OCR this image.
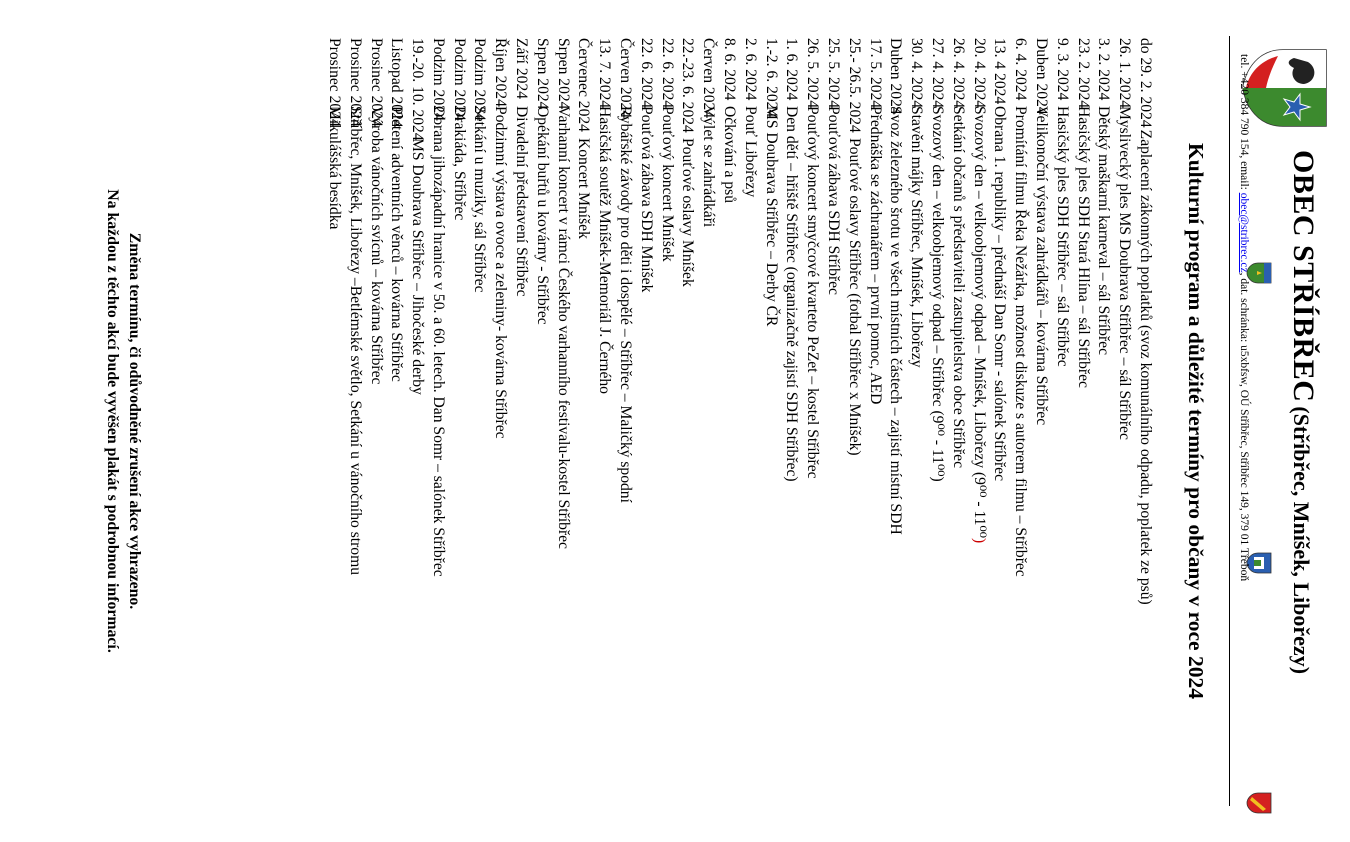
OBEC STŘÍBŘEC (Stříbřec, Mníšek, Libořezy)
tel. +420 384 790 154, email: obec@stribrec.cz, dat. schránka: u5xbfsw, OÚ Stříbřec, Stříbřec 149, 379 01 Třeboň
Kulturní program a důležité termíny pro občany v roce 2024
do 29. 2. 2024Zaplacení zákonných poplatků (svoz komunálního odpadu, poplatek ze psů)
26. 1. 2024
Myslivecký ples MS Doubrava Stříbřec – sál Stříbřec
3. 2. 2024
Dětský maškarní karneval – sál Stříbřec
23. 2. 2024
Hasičský ples SDH Stará Hlína – sál Stříbřec
9. 3. 2024
Hasičský ples SDH Stříbřec – sál Stříbřec
Duben 2024
Velikonoční výstava zahrádkářů – kovárna Stříbřec
6. 4. 2024
Promítání filmu Řeka Nežárka, možnost diskuze s autorem filmu – Stříbřec
13. 4 2024
Obrana 1. republiky – přednáší Dan Somr - salónek Stříbřec
20. 4. 2024
Svozový den – velkoobjemový odpad – Mníšek, Libořezy (9⁰⁰ - 11⁰⁰)
26. 4. 2024
Setkání občanů s představiteli zastupitelstva obce Stříbřec
27. 4. 2024
Svozový den – velkoobjemový odpad – Stříbřec (9⁰⁰ - 11⁰⁰)
30. 4. 2024
Stavění májky Stříbřec, Mníšek, Libořezy
Duben 2024
Svoz železného šrotu ve všech místních částech – zajistí místní SDH
17. 5. 2024
Přednáška se záchranářem – první pomoc, AED
25.- 26.5. 2024
Pouťové oslavy Stříbřec (fotbal Stříbřec x Mníšek)
25. 5. 2024
Pouťová zábava SDH Stříbřec
26. 5. 2024
Pouťový koncert smyčcové kvarteto PeZet – kostel Stříbřec
1. 6. 2024
Den dětí – hřiště Stříbřec (organizačně zajistí SDH Stříbřec)
1.-2. 6. 2024
MS Doubrava Stříbřec – Derby ČR
2. 6. 2024
Pouť Libořezy
8. 6. 2024
Očkování a psů
Červen 2024
Výlet se zahrádkáři
22.-23. 6. 2024
Pouťové oslavy Mníšek
22. 6. 2024
Pouťový koncert Mníšek
22. 6. 2024
Pouťová zábava SDH Mníšek
Červen 2024
Rybářské závody pro děti i dospělé – Stříbřec – Maličký spodní
13. 7. 2024
Hasičská soutěž Mníšek-Memoriál J. Černého
Červenec 2024
Koncert Mníšek
Srpen 2024
Varhanní koncert v rámci Českého varhanního festivalu-kostel Stříbřec
Srpen 2024
Opékání buřtů u kovárny - Stříbřec
Září 2024
Divadelní představení Stříbřec
Říjen 2024
Podzimní výstava ovoce a zeleniny- kovárna Stříbřec
Podzim 2024
Setkání u muziky, sál Stříbřec
Podzim 2024
Drakiáda, Stříbřec
Podzim 2024
Obrana jihozápadní hranice v 50. a 60. letech. Dan Somr – salónek Stříbřec
19.-20. 10. 2024
MS Doubrava Stříbřec – Jihočeské derby
Listopad 2024
Pletení adventních věnců – kovárna Stříbřec
Prosinec 2024
Výroba vánočních svícnů – kovárna Stříbřec
Prosinec 2024
Stříbřec, Mníšek, Libořezy –Betlémské světlo, Setkání u vánočního stromu
Prosinec 2024
Mikulášská besídka
Změna termínu, či odůvodněné zrušení akce vyhrazeno.
Na každou z těchto akcí bude vyvěšen plakát s podrobnou informací.
